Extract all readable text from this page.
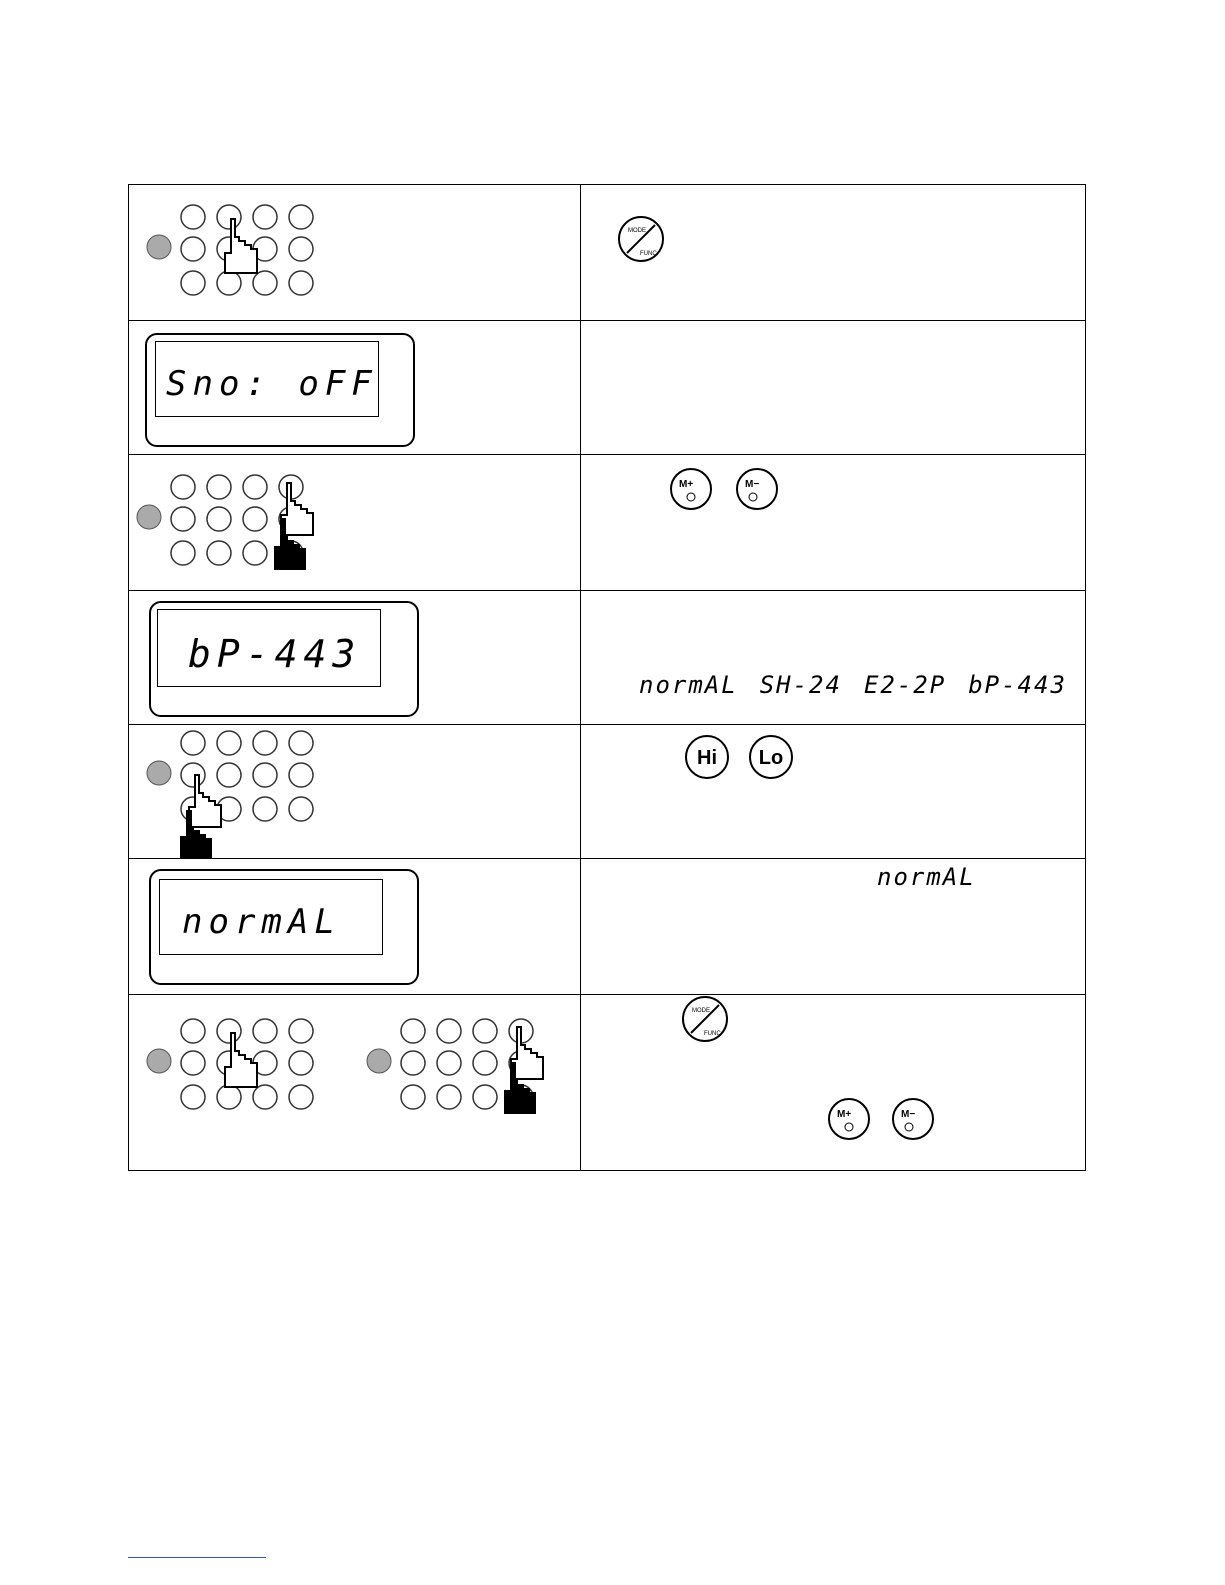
MODE
FUNC
Sno: oFF
M+	M−
bP-443
normAL SH-24 E2-2P bP-443
Hi Lo
normAL
normAL
MODE
FUNC
M+	M−
